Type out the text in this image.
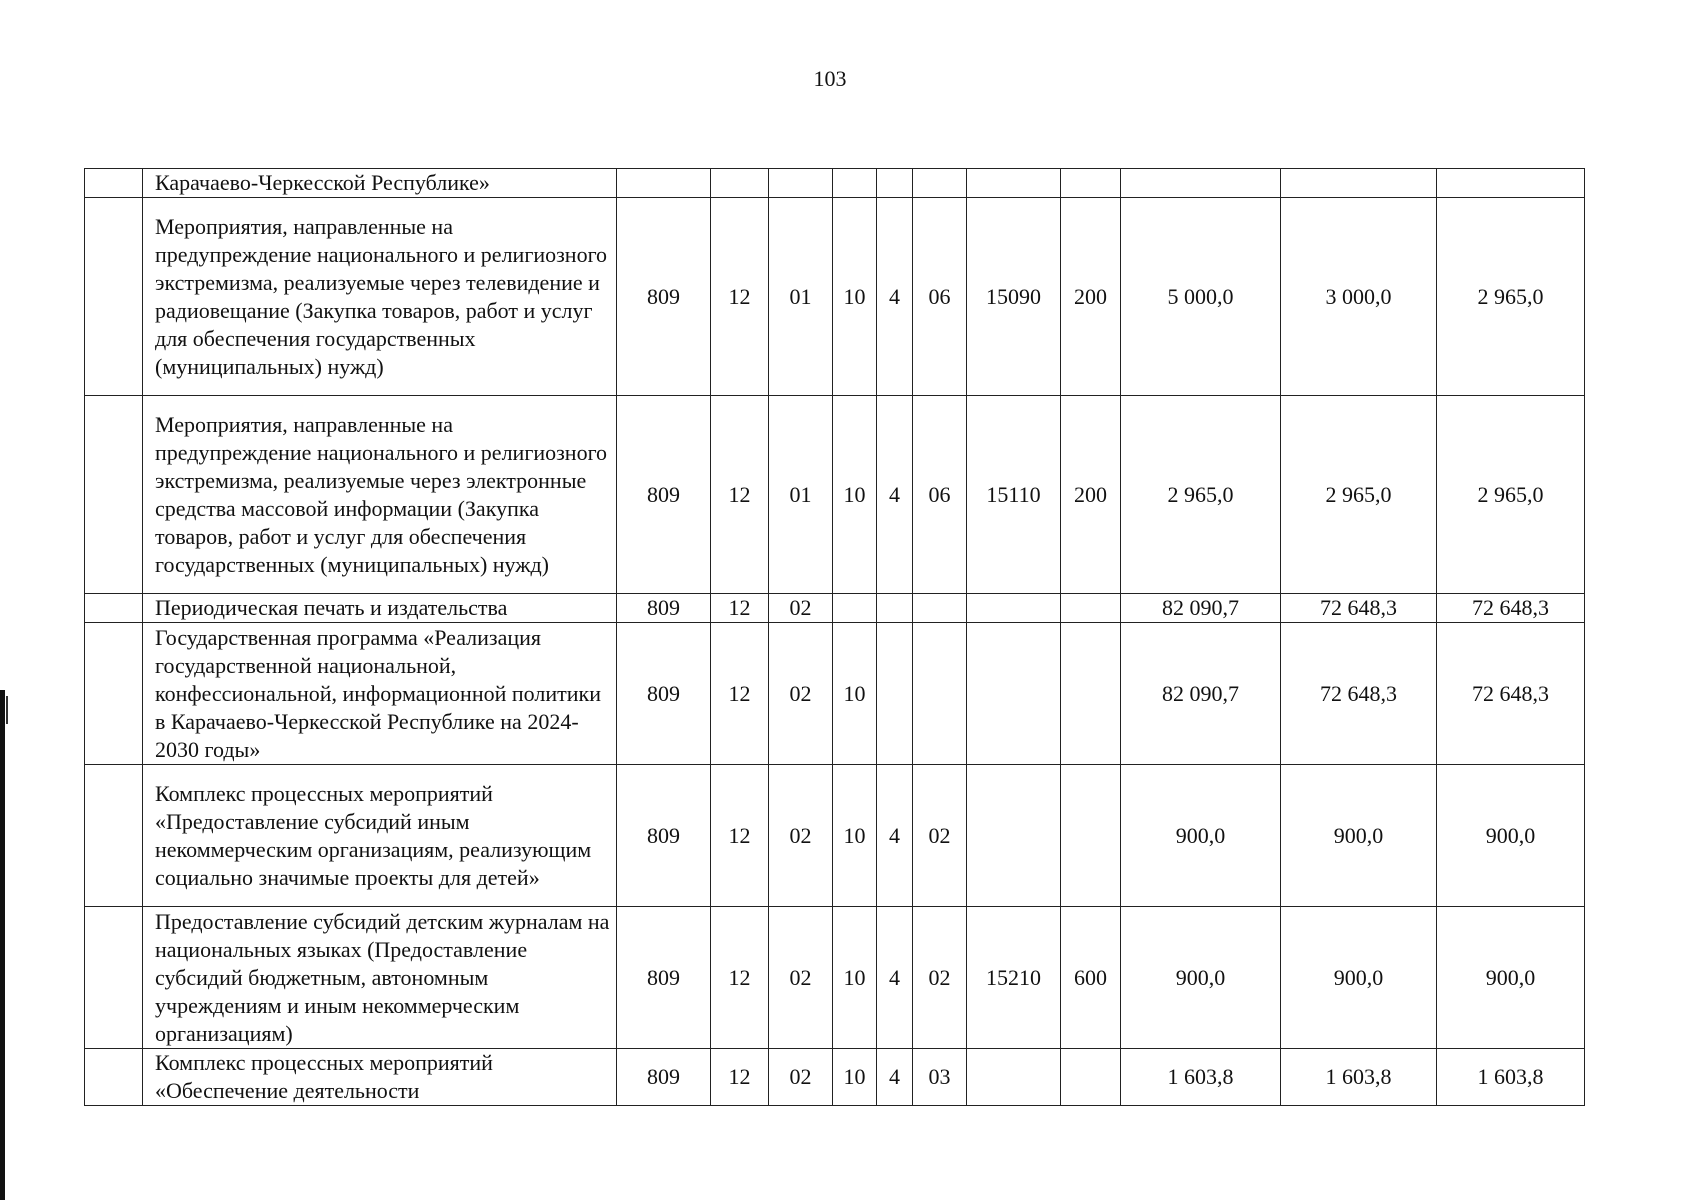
103
	Карачаево-Черкесской Республике»											
	Мероприятия, направленные на предупреждение национального и религиозного экстремизма, реализуемые через телевидение и радиовещание (Закупка товаров, работ и услуг для обеспечения государственных (муниципальных) нужд)	809	12	01	10	4	06	15090	200	5 000,0	3 000,0	2 965,0
	Мероприятия, направленные на предупреждение национального и религиозного экстремизма, реализуемые через электронные средства массовой информации (Закупка товаров, работ и услуг для обеспечения государственных (муниципальных) нужд)	809	12	01	10	4	06	15110	200	2 965,0	2 965,0	2 965,0
	Периодическая печать и издательства	809	12	02						82 090,7	72 648,3	72 648,3
	Государственная программа «Реализация государственной национальной, конфессиональной, информационной политики в Карачаево-Черкесской Республике на 2024-2030 годы»	809	12	02	10					82 090,7	72 648,3	72 648,3
	Комплекс процессных мероприятий «Предоставление субсидий иным некоммерческим организациям, реализующим социально значимые проекты для детей»	809	12	02	10	4	02			900,0	900,0	900,0
	Предоставление субсидий детским журналам на национальных языках (Предоставление субсидий бюджетным, автономным учреждениям и иным некоммерческим организациям)	809	12	02	10	4	02	15210	600	900,0	900,0	900,0
	Комплекс процессных мероприятий «Обеспечение деятельности	809	12	02	10	4	03			1 603,8	1 603,8	1 603,8
